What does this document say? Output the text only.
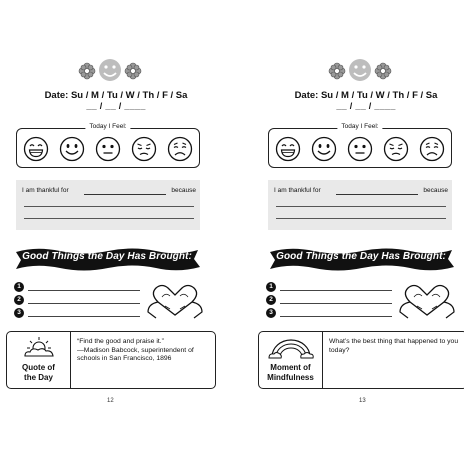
Date: Su / M / Tu / W / Th / F / Sa
__ / __ / ____
Today I Feel:
I am thankful for	because
Good Things the Day Has Brought:
1
2
3
Quote of
the Day
“Find the good and praise it.”
—Madison Babcock, superintendent of schools in San Francisco, 1896
12
Date: Su / M / Tu / W / Th / F / Sa
__ / __ / ____
Today I Feel:
I am thankful for	because
Good Things the Day Has Brought:
1
2
3
Moment of
Mindfulness
What’s the best thing that happened to you today?
13
